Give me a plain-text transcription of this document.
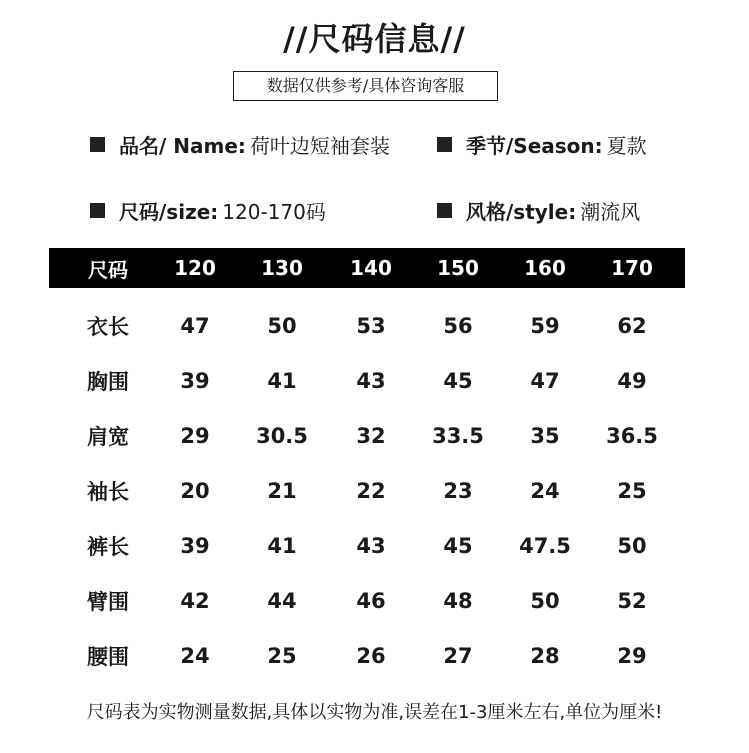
//尺码信息//
数据仅供参考/具体咨询客服
品名/ Name: 荷叶边短袖套装	季节/Season: 夏款
尺码/size: 120-170码	风格/style: 潮流风
尺码	120	130	140	150	160	170
衣长	47	50	53	56	59	62
胸围	39	41	43	45	47	49
肩宽	29	30.5	32	33.5	35	36.5
袖长	20	21	22	23	24	25
裤长	39	41	43	45	47.5	50
臂围	42	44	46	48	50	52
腰围	24	25	26	27	28	29
尺码表为实物测量数据,具体以实物为准,误差在1-3厘米左右,单位为厘米!
